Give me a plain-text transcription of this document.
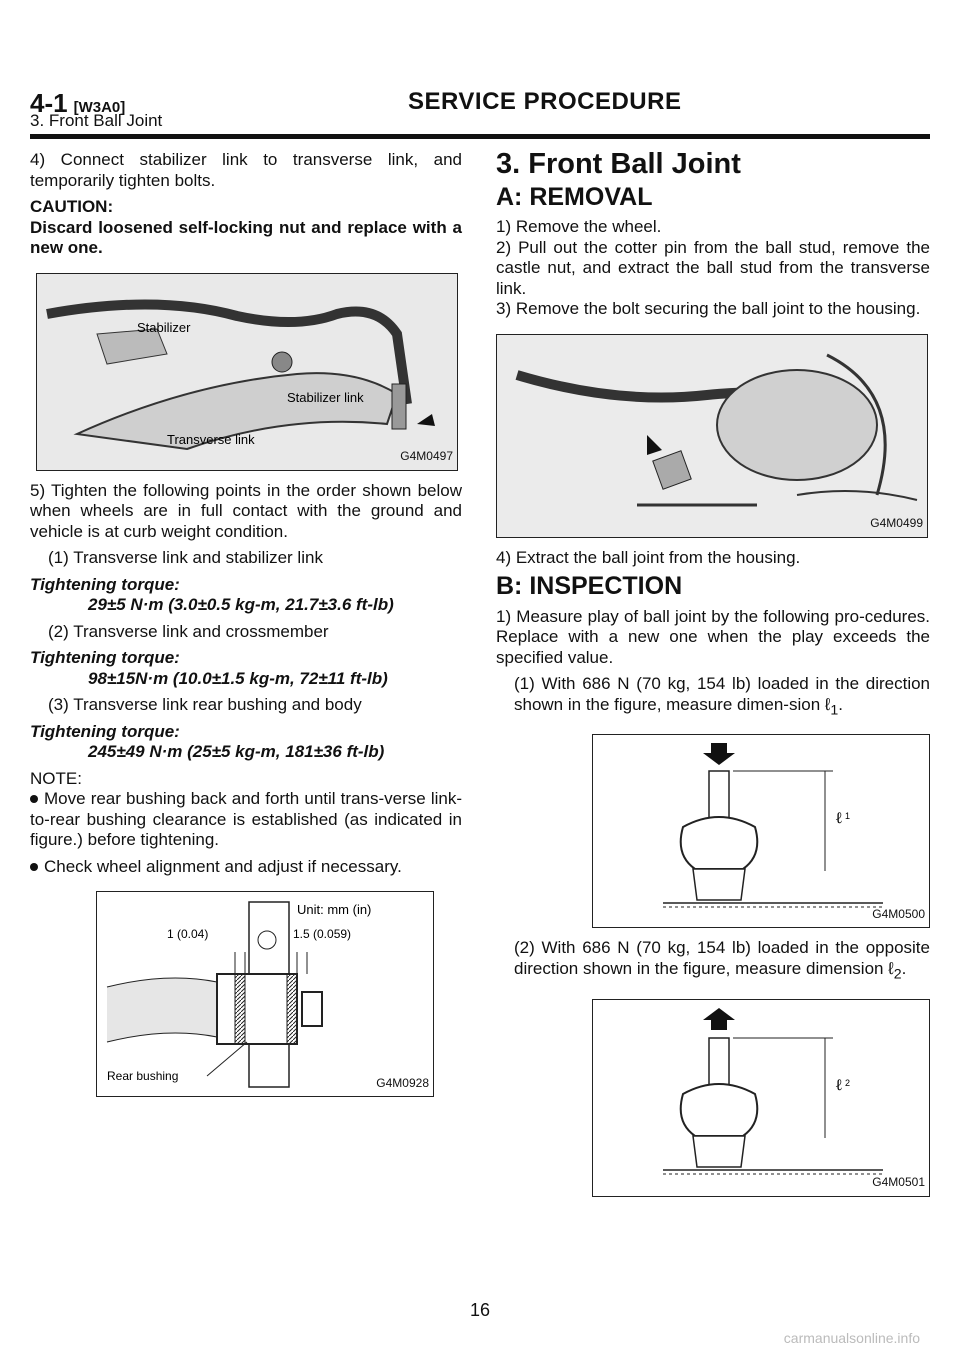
4-1 [W3A0]	SERVICE PROCEDURE
3. Front Ball Joint

4) Connect stabilizer link to transverse link, and temporarily tighten bolts.

CAUTION:

Discard loosened self-locking nut and replace with a new one.

Stabilizer
Stabilizer link
Transverse link
G4M0497

5) Tighten the following points in the order shown below when wheels are in full contact with the ground and vehicle is at curb weight condition.

(1) Transverse link and stabilizer link

Tightening torque:

29±5 N·m (3.0±0.5 kg-m, 21.7±3.6 ft-lb)

(2) Transverse link and crossmember

Tightening torque:

98±15N·m (10.0±1.5 kg-m, 72±11 ft-lb)

(3) Transverse link rear bushing and body

Tightening torque:

245±49 N·m (25±5 kg-m, 181±36 ft-lb)

NOTE:

Move rear bushing back and forth until trans-verse link-to-rear bushing clearance is established (as indicated in figure.) before tightening.

Check wheel alignment and adjust if necessary.

Unit: mm (in)
1 (0.04)	1.5 (0.059)
Rear bushing	G4M0928
3. Front Ball Joint
A: REMOVAL

1) Remove the wheel.

2) Pull out the cotter pin from the ball stud, remove the castle nut, and extract the ball stud from the transverse link.

3) Remove the bolt securing the ball joint to the housing.

G4M0499

4) Extract the ball joint from the housing.

B: INSPECTION

1) Measure play of ball joint by the following pro-cedures. Replace with a new one when the play exceeds the specified value.

(1) With 686 N (70 kg, 154 lb) loaded in the direction shown in the figure, measure dimen-sion ℓ$_1$.

ℓ 1
G4M0500

(2) With 686 N (70 kg, 154 lb) loaded in the opposite direction shown in the figure, measure dimension ℓ$_2$.

ℓ 2
G4M0501
16
carmanualsonline.info
